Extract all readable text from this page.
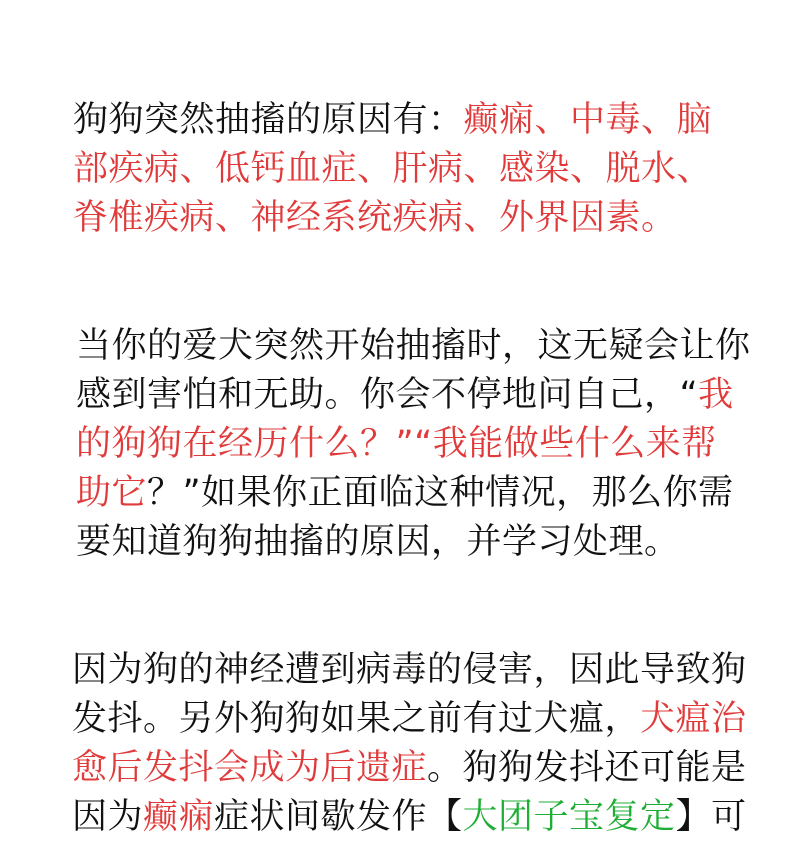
狗狗突然抽搐的原因有：癫痫、中毒、脑
部疾病、低钙血症、肝病、感染、脱水、
脊椎疾病、神经系统疾病、外界因素。

当你的爱犬突然开始抽搐时，这无疑会让你
感到害怕和无助。你会不停地问自己，“我
的狗狗在经历什么？”“我能做些什么来帮
助它？”如果你正面临这种情况，那么你需
要知道狗狗抽搐的原因，并学习处理。

因为狗的神经遭到病毒的侵害，因此导致狗
发抖。另外狗狗如果之前有过犬瘟，犬瘟治
愈后发抖会成为后遗症。狗狗发抖还可能是
因为癫痫症状间歇发作【大团子宝复定】可
